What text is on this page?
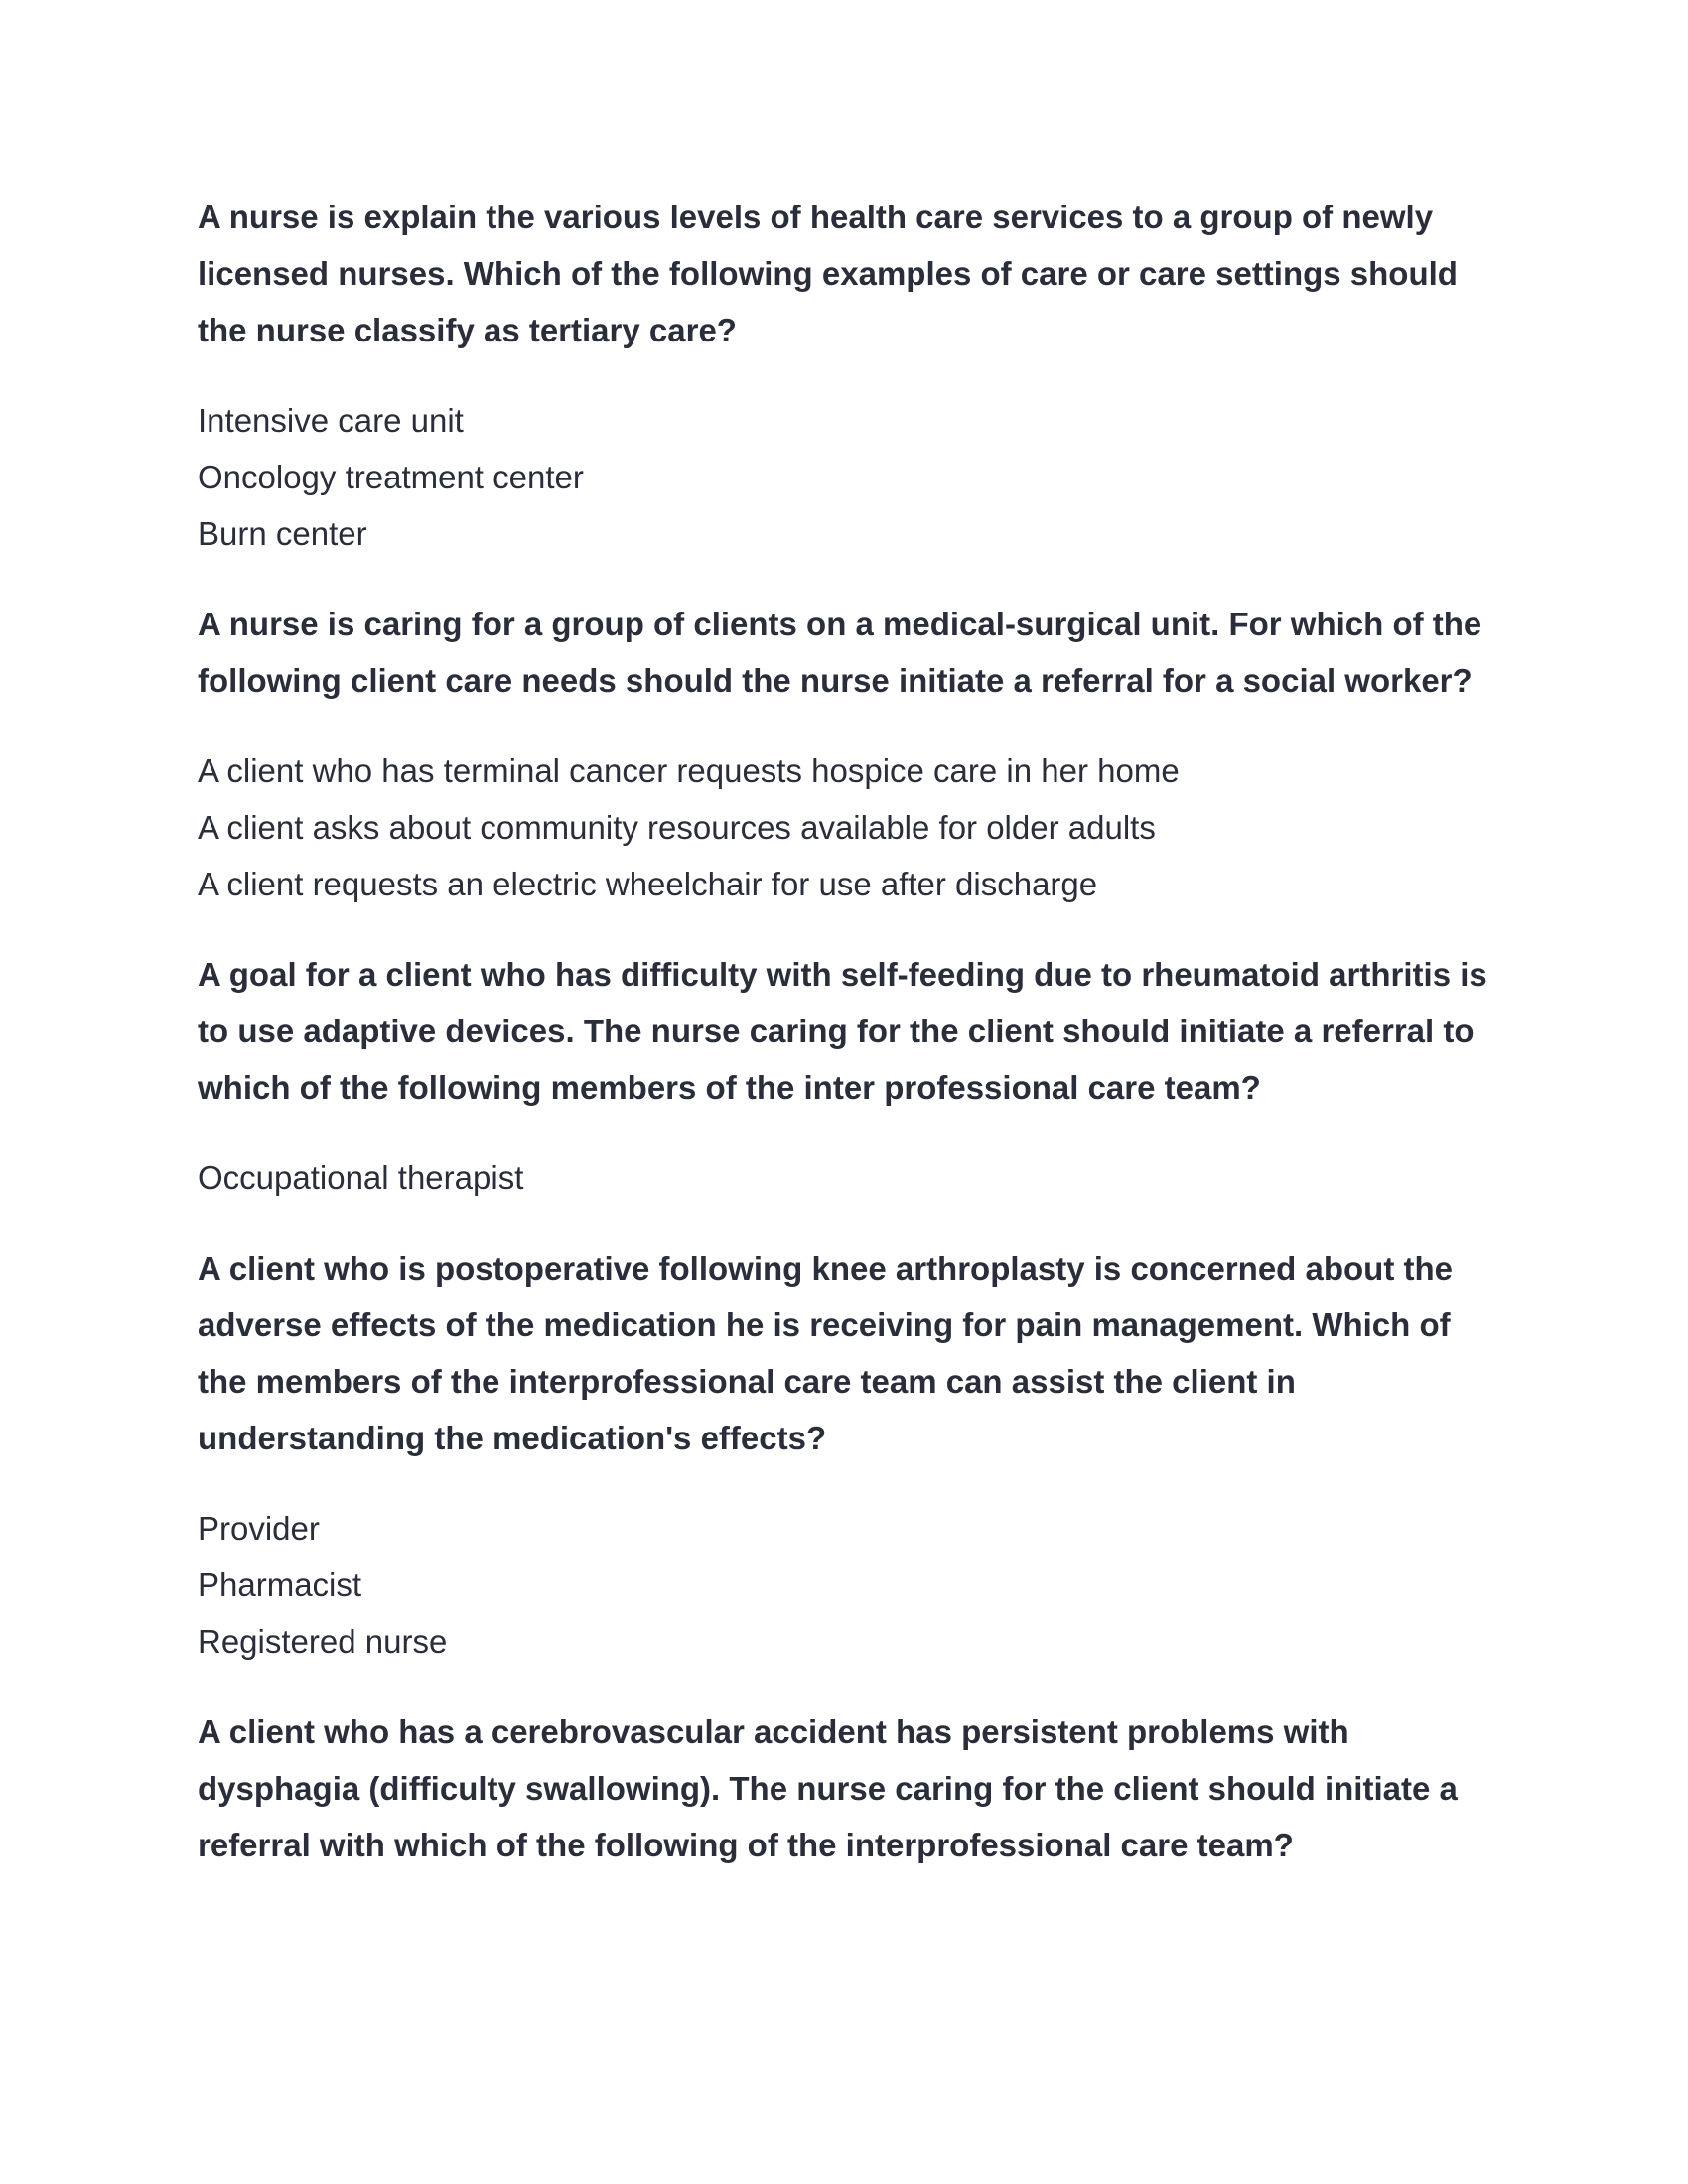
A nurse is explain the various levels of health care services to a group of newly licensed nurses. Which of the following examples of care or care settings should the nurse classify as tertiary care?

Intensive care unit
Oncology treatment center
Burn center

A nurse is caring for a group of clients on a medical-surgical unit. For which of the following client care needs should the nurse initiate a referral for a social worker?

A client who has terminal cancer requests hospice care in her home
A client asks about community resources available for older adults
A client requests an electric wheelchair for use after discharge

A goal for a client who has difficulty with self-feeding due to rheumatoid arthritis is to use adaptive devices. The nurse caring for the client should initiate a referral to which of the following members of the inter professional care team?

Occupational therapist

A client who is postoperative following knee arthroplasty is concerned about the adverse effects of the medication he is receiving for pain management. Which of the members of the interprofessional care team can assist the client in understanding the medication's effects?

Provider
Pharmacist
Registered nurse

A client who has a cerebrovascular accident has persistent problems with dysphagia (difficulty swallowing). The nurse caring for the client should initiate a referral with which of the following of the interprofessional care team?
